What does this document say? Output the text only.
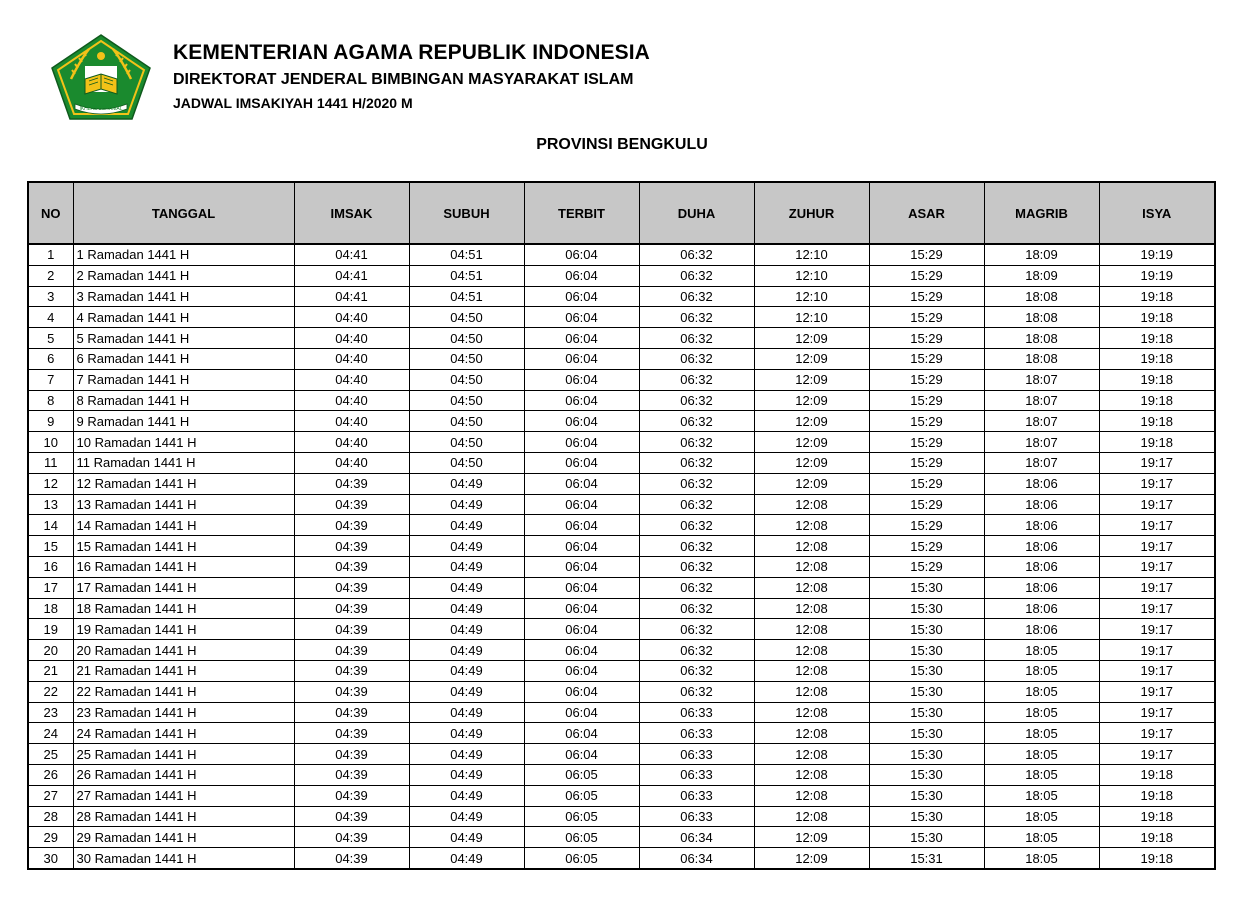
IKHLAS BERAMAL
KEMENTERIAN AGAMA REPUBLIK INDONESIA
DIREKTORAT JENDERAL BIMBINGAN MASYARAKAT ISLAM
JADWAL IMSAKIYAH 1441 H/2020 M
PROVINSI BENGKULU
NO	TANGGAL	IMSAK	SUBUH	TERBIT	DUHA	ZUHUR	ASAR	MAGRIB	ISYA
1	1 Ramadan 1441 H	04:41	04:51	06:04	06:32	12:10	15:29	18:09	19:19
2	2 Ramadan 1441 H	04:41	04:51	06:04	06:32	12:10	15:29	18:09	19:19
3	3 Ramadan 1441 H	04:41	04:51	06:04	06:32	12:10	15:29	18:08	19:18
4	4 Ramadan 1441 H	04:40	04:50	06:04	06:32	12:10	15:29	18:08	19:18
5	5 Ramadan 1441 H	04:40	04:50	06:04	06:32	12:09	15:29	18:08	19:18
6	6 Ramadan 1441 H	04:40	04:50	06:04	06:32	12:09	15:29	18:08	19:18
7	7 Ramadan 1441 H	04:40	04:50	06:04	06:32	12:09	15:29	18:07	19:18
8	8 Ramadan 1441 H	04:40	04:50	06:04	06:32	12:09	15:29	18:07	19:18
9	9 Ramadan 1441 H	04:40	04:50	06:04	06:32	12:09	15:29	18:07	19:18
10	10 Ramadan 1441 H	04:40	04:50	06:04	06:32	12:09	15:29	18:07	19:18
11	11 Ramadan 1441 H	04:40	04:50	06:04	06:32	12:09	15:29	18:07	19:17
12	12 Ramadan 1441 H	04:39	04:49	06:04	06:32	12:09	15:29	18:06	19:17
13	13 Ramadan 1441 H	04:39	04:49	06:04	06:32	12:08	15:29	18:06	19:17
14	14 Ramadan 1441 H	04:39	04:49	06:04	06:32	12:08	15:29	18:06	19:17
15	15 Ramadan 1441 H	04:39	04:49	06:04	06:32	12:08	15:29	18:06	19:17
16	16 Ramadan 1441 H	04:39	04:49	06:04	06:32	12:08	15:29	18:06	19:17
17	17 Ramadan 1441 H	04:39	04:49	06:04	06:32	12:08	15:30	18:06	19:17
18	18 Ramadan 1441 H	04:39	04:49	06:04	06:32	12:08	15:30	18:06	19:17
19	19 Ramadan 1441 H	04:39	04:49	06:04	06:32	12:08	15:30	18:06	19:17
20	20 Ramadan 1441 H	04:39	04:49	06:04	06:32	12:08	15:30	18:05	19:17
21	21 Ramadan 1441 H	04:39	04:49	06:04	06:32	12:08	15:30	18:05	19:17
22	22 Ramadan 1441 H	04:39	04:49	06:04	06:32	12:08	15:30	18:05	19:17
23	23 Ramadan 1441 H	04:39	04:49	06:04	06:33	12:08	15:30	18:05	19:17
24	24 Ramadan 1441 H	04:39	04:49	06:04	06:33	12:08	15:30	18:05	19:17
25	25 Ramadan 1441 H	04:39	04:49	06:04	06:33	12:08	15:30	18:05	19:17
26	26 Ramadan 1441 H	04:39	04:49	06:05	06:33	12:08	15:30	18:05	19:18
27	27 Ramadan 1441 H	04:39	04:49	06:05	06:33	12:08	15:30	18:05	19:18
28	28 Ramadan 1441 H	04:39	04:49	06:05	06:33	12:08	15:30	18:05	19:18
29	29 Ramadan 1441 H	04:39	04:49	06:05	06:34	12:09	15:30	18:05	19:18
30	30 Ramadan 1441 H	04:39	04:49	06:05	06:34	12:09	15:31	18:05	19:18
